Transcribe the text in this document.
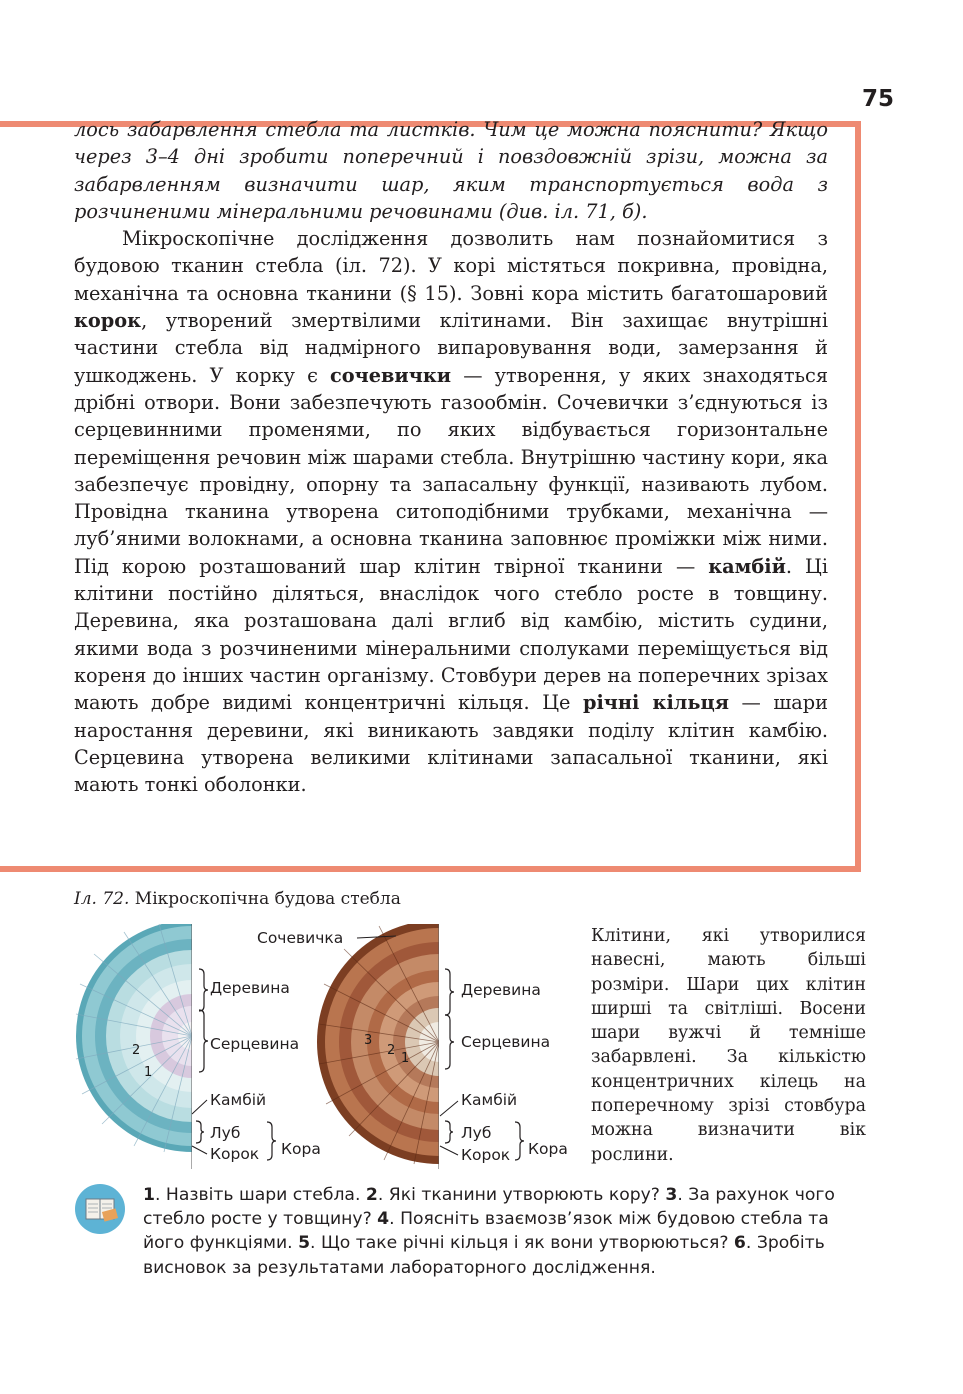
75

лось забарвлення стебла та листків. Чим це можна пояснити? Якщо через 3–4 дні зробити поперечний і повздовжній зрізи, можна за забарвленням визначити шар, яким транспортується вода з розчиненими мінеральними речовинами (див. іл. 71, б).

Мікроскопічне дослідження дозволить нам познайомитися з будовою тканин стебла (іл. 72). У корі містяться покривна, провідна, механічна та основна тканини (§ 15). Зовні кора містить багатошаровий корок, утворений змертвілими клітинами. Він захищає внутрішні частини стебла від надмірного випаровування води, замерзання й ушкоджень. У корку є сочевички — утворення, у яких знаходяться дрібні отвори. Вони забезпечують газообмін. Сочевички з’єднуються із серцевинними променями, по яких відбувається горизонтальне переміщення речовин між шарами стебла. Внутрішню частину кори, яка забезпечує провідну, опорну та запасальну функції, називають лубом. Провідна тканина утворена ситоподібними трубками, механічна — луб’яними волокнами, а основна тканина заповнює проміжки між ними. Під корою розташований шар клітин твірної тканини — камбій. Ці клітини постійно діляться, внаслідок чого стебло росте в товщину. Деревина, яка розташована далі вглиб від камбію, містить судини, якими вода з розчиненими мінеральними сполуками переміщується від кореня до інших частин організму. Стовбури дерев на поперечних зрізах мають добре видимі концентричні кільця. Це річні кільця — шари наростання деревини, які виникають завдяки поділу клітин камбію. Серцевина утворена великими клітинами запасальної тканини, які мають тонкі оболонки.

Іл. 72. Мікроскопічна будова стебла
2
1
3
2
1
Сочевичка
Деревина
Серцевина
Камбій
Луб
Корок Кора
Деревина
Серцевина
Камбій
Луб
Корок Кора
Клітини, які утворилися навесні, мають більші розміри. Шари цих клітин ширші та світліші. Восени шари вужчі й темніше забарвлені. За кількістю концентричних кілець на поперечному зрізі стовбура можна визначити вік рослини.
1. Назвіть шари стебла. 2. Які тканини утворюють кору? 3. За рахунок чого стебло росте у товщину? 4. Поясніть взаємозв’язок між будовою стебла та його функціями. 5. Що таке річні кільця і як вони утворюються? 6. Зробіть висновок за результатами лабораторного дослідження.
